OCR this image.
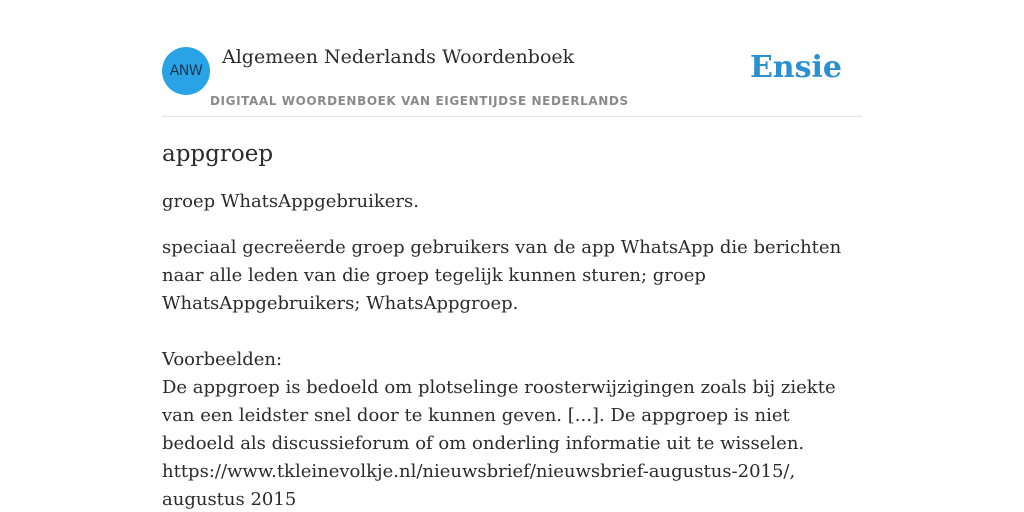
ANW
Algemeen Nederlands Woordenboek
DIGITAAL WOORDENBOEK VAN EIGENTIJDSE NEDERLANDS
Ensie
appgroep

groep WhatsAppgebruikers.

speciaal gecreëerde groep gebruikers van de app WhatsApp die berichten naar alle leden van die groep tegelijk kunnen sturen; groep WhatsAppgebruikers; WhatsAppgroep.

Voorbeelden:

De appgroep is bedoeld om plotselinge roosterwijzigingen zoals bij ziekte van een leidster snel door te kunnen geven. [...]. De appgroep is niet bedoeld als discussieforum of om onderling informatie uit te wisselen.

https://www.tkleinevolkje.nl/nieuwsbrief/nieuwsbrief-augustus-2015/, augustus 2015
